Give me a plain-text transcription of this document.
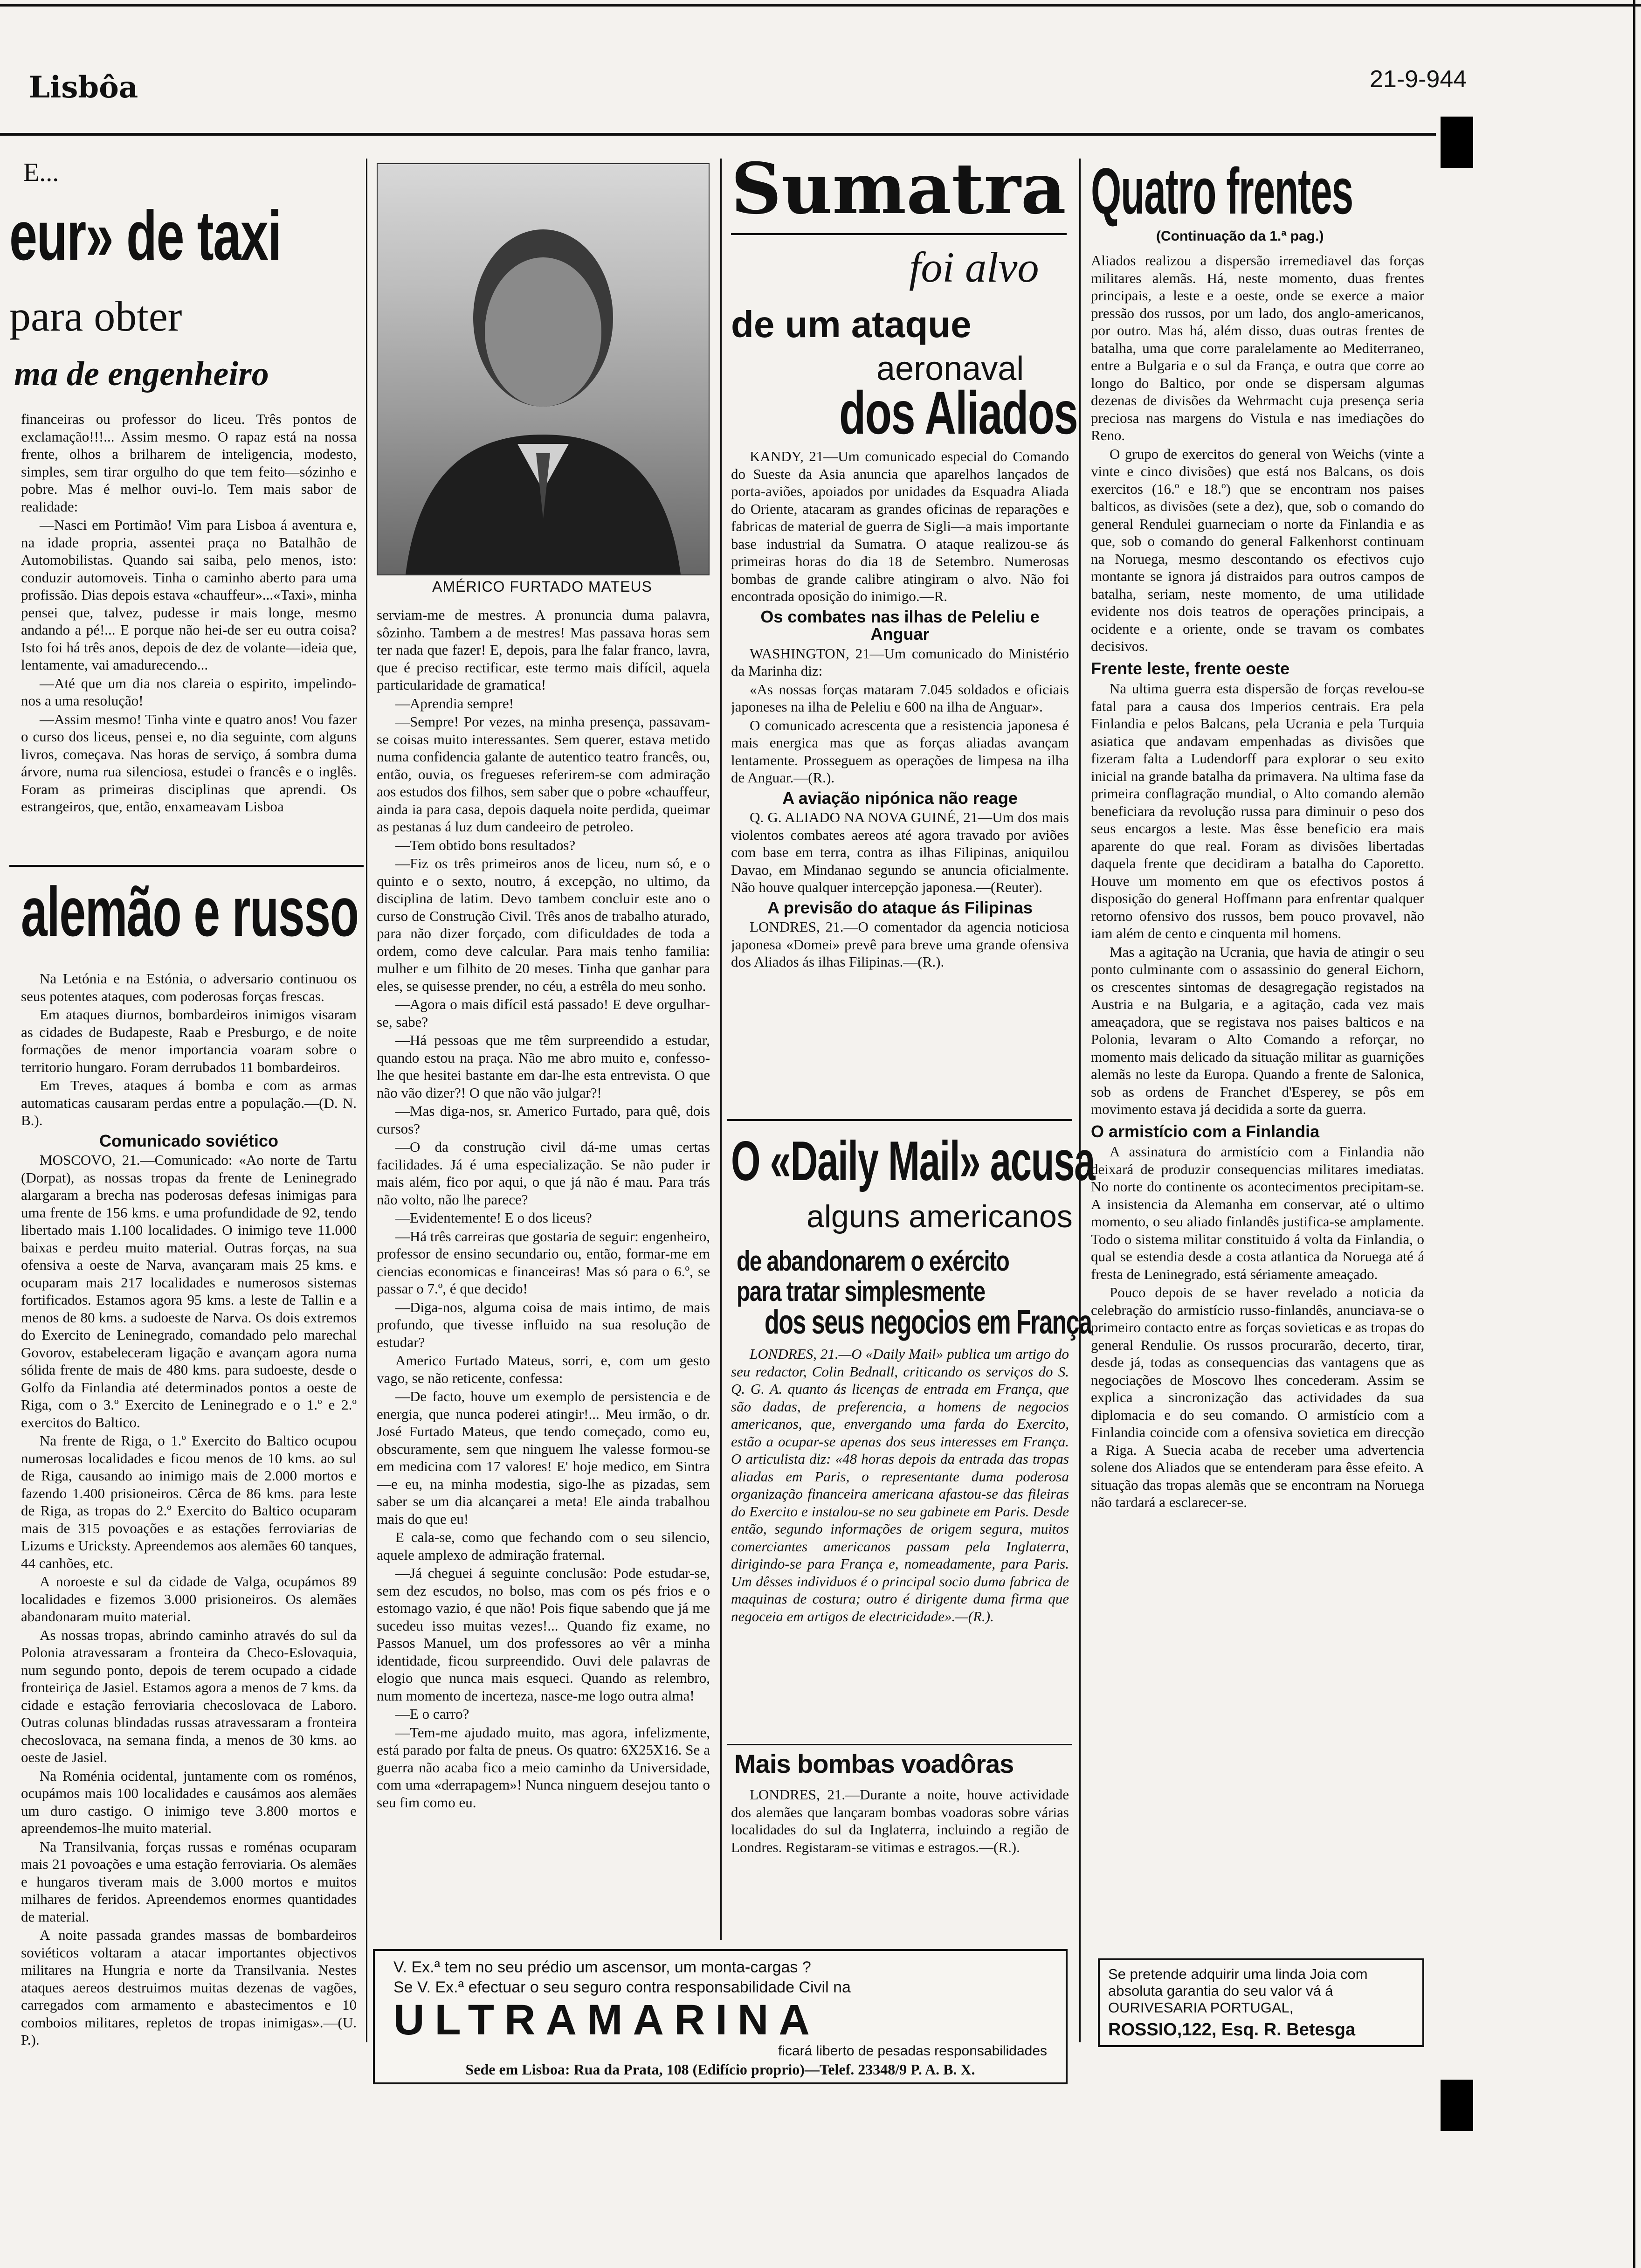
Lisbôa	21-9-944
E...
eur» de taxi
para obter
ma de engenheiro

financeiras ou professor do liceu. Três pontos de exclamação!!!... Assim mesmo. O rapaz está na nossa frente, olhos a brilharem de inteligencia, modesto, simples, sem tirar orgulho do que tem feito—sózinho e pobre. Mas é melhor ouvi-lo. Tem mais sabor de realidade:

—Nasci em Portimão! Vim para Lisboa á aventura e, na idade propria, assentei praça no Batalhão de Automobilistas. Quando sai saiba, pelo menos, isto: conduzir automoveis. Tinha o caminho aberto para uma profissão. Dias depois estava «chauffeur»...«Taxi», minha pensei que, talvez, pudesse ir mais longe, mesmo andando a pé!... E porque não hei-de ser eu outra coisa? Isto foi há três anos, depois de dez de volante—ideia que, lentamente, vai amadurecendo...

—Até que um dia nos clareia o espirito, impelindo-nos a uma resolução!

—Assim mesmo! Tinha vinte e quatro anos! Vou fazer o curso dos liceus, pensei e, no dia seguinte, com alguns livros, começava. Nas horas de serviço, á sombra duma árvore, numa rua silenciosa, estudei o francês e o inglês. Foram as primeiras disciplinas que aprendi. Os estrangeiros, que, então, enxameavam Lisboa

alemão e russo

Na Letónia e na Estónia, o adversario continuou os seus potentes ataques, com poderosas forças frescas.

Em ataques diurnos, bombardeiros inimigos visaram as cidades de Budapeste, Raab e Presburgo, e de noite formações de menor importancia voaram sobre o territorio hungaro. Foram derrubados 11 bombardeiros.

Em Treves, ataques á bomba e com as armas automaticas causaram perdas entre a população.—(D. N. B.).

Comunicado soviético

MOSCOVO, 21.—Comunicado: «Ao norte de Tartu (Dorpat), as nossas tropas da frente de Leninegrado alargaram a brecha nas poderosas defesas inimigas para uma frente de 156 kms. e uma profundidade de 92, tendo libertado mais 1.100 localidades. O inimigo teve 11.000 baixas e perdeu muito material. Outras forças, na sua ofensiva a oeste de Narva, avançaram mais 25 kms. e ocuparam mais 217 localidades e numerosos sistemas fortificados. Estamos agora 95 kms. a leste de Tallin e a menos de 80 kms. a sudoeste de Narva. Os dois extremos do Exercito de Leninegrado, comandado pelo marechal Govorov, estabeleceram ligação e avançam agora numa sólida frente de mais de 480 kms. para sudoeste, desde o Golfo da Finlandia até determinados pontos a oeste de Riga, com o 3.º Exercito de Leninegrado e o 1.º e 2.º exercitos do Baltico.

Na frente de Riga, o 1.º Exercito do Baltico ocupou numerosas localidades e ficou menos de 10 kms. ao sul de Riga, causando ao inimigo mais de 2.000 mortos e fazendo 1.400 prisioneiros. Cêrca de 86 kms. para leste de Riga, as tropas do 2.º Exercito do Baltico ocuparam mais de 315 povoações e as estações ferroviarias de Lizums e Uricksty. Apreendemos aos alemães 60 tanques, 44 canhões, etc.

A noroeste e sul da cidade de Valga, ocupámos 89 localidades e fizemos 3.000 prisioneiros. Os alemães abandonaram muito material.

As nossas tropas, abrindo caminho através do sul da Polonia atravessaram a fronteira da Checo-Eslovaquia, num segundo ponto, depois de terem ocupado a cidade fronteiriça de Jasiel. Estamos agora a menos de 7 kms. da cidade e estação ferroviaria checoslovaca de Laboro. Outras colunas blindadas russas atravessaram a fronteira checoslovaca, na semana finda, a menos de 30 kms. ao oeste de Jasiel.

Na Roménia ocidental, juntamente com os roménos, ocupámos mais 100 localidades e causámos aos alemães um duro castigo. O inimigo teve 3.800 mortos e apreendemos-lhe muito material.

Na Transilvania, forças russas e roménas ocuparam mais 21 povoações e uma estação ferroviaria. Os alemães e hungaros tiveram mais de 3.000 mortos e muitos milhares de feridos. Apreendemos enormes quantidades de material.

A noite passada grandes massas de bombardeiros soviéticos voltaram a atacar importantes objectivos militares na Hungria e norte da Transilvania. Nestes ataques aereos destruimos muitas dezenas de vagões, carregados com armamento e abastecimentos e 10 comboios militares, repletos de tropas inimigas».—(U. P.).

AMÉRICO FURTADO MATEUS

serviam-me de mestres. A pronuncia duma palavra, sôzinho. Tambem a de mestres! Mas passava horas sem ter nada que fazer! E, depois, para lhe falar franco, lavra, que é preciso rectificar, este termo mais difícil, aquela particularidade de gramatica!

—Aprendia sempre!

—Sempre! Por vezes, na minha presença, passavam-se coisas muito interessantes. Sem querer, estava metido numa confidencia galante de autentico teatro francês, ou, então, ouvia, os fregueses referirem-se com admiração aos estudos dos filhos, sem saber que o pobre «chauffeur, ainda ia para casa, depois daquela noite perdida, queimar as pestanas á luz dum candeeiro de petroleo.

—Tem obtido bons resultados?

—Fiz os três primeiros anos de liceu, num só, e o quinto e o sexto, noutro, á excepção, no ultimo, da disciplina de latim. Devo tambem concluir este ano o curso de Construção Civil. Três anos de trabalho aturado, para não dizer forçado, com dificuldades de toda a ordem, como deve calcular. Para mais tenho familia: mulher e um filhito de 20 meses. Tinha que ganhar para eles, se quisesse prender, no céu, a estrêla do meu sonho.

—Agora o mais difícil está passado! E deve orgulhar-se, sabe?

—Há pessoas que me têm surpreendido a estudar, quando estou na praça. Não me abro muito e, confesso-lhe que hesitei bastante em dar-lhe esta entrevista. O que não vão dizer?! O que não vão julgar?!

—Mas diga-nos, sr. Americo Furtado, para quê, dois cursos?

—O da construção civil dá-me umas certas facilidades. Já é uma especialização. Se não puder ir mais além, fico por aqui, o que já não é mau. Para trás não volto, não lhe parece?

—Evidentemente! E o dos liceus?

—Há três carreiras que gostaria de seguir: engenheiro, professor de ensino secundario ou, então, formar-me em ciencias economicas e financeiras! Mas só para o 6.º, se passar o 7.º, é que decido!

—Diga-nos, alguma coisa de mais intimo, de mais profundo, que tivesse influido na sua resolução de estudar?

Americo Furtado Mateus, sorri, e, com um gesto vago, se não reticente, confessa:

—De facto, houve um exemplo de persistencia e de energia, que nunca poderei atingir!... Meu irmão, o dr. José Furtado Mateus, que tendo começado, como eu, obscuramente, sem que ninguem lhe valesse formou-se em medicina com 17 valores! E' hoje medico, em Sintra—e eu, na minha modestia, sigo-lhe as pizadas, sem saber se um dia alcançarei a meta! Ele ainda trabalhou mais do que eu!

E cala-se, como que fechando com o seu silencio, aquele amplexo de admiração fraternal.

—Já cheguei á seguinte conclusão: Pode estudar-se, sem dez escudos, no bolso, mas com os pés frios e o estomago vazio, é que não! Pois fique sabendo que já me sucedeu isso muitas vezes!... Quando fiz exame, no Passos Manuel, um dos professores ao vêr a minha identidade, ficou surpreendido. Ouvi dele palavras de elogio que nunca mais esqueci. Quando as relembro, num momento de incerteza, nasce-me logo outra alma!

—E o carro?

—Tem-me ajudado muito, mas agora, infelizmente, está parado por falta de pneus. Os quatro: 6X25X16. Se a guerra não acaba fico a meio caminho da Universidade, com uma «derrapagem»! Nunca ninguem desejou tanto o seu fim como eu.

Sumatra
foi alvo
de um ataque
aeronaval
dos Aliados

KANDY, 21—Um comunicado especial do Comando do Sueste da Asia anuncia que aparelhos lançados de porta-aviões, apoiados por unidades da Esquadra Aliada do Oriente, atacaram as grandes oficinas de reparações e fabricas de material de guerra de Sigli—a mais importante base industrial da Sumatra. O ataque realizou-se ás primeiras horas do dia 18 de Setembro. Numerosas bombas de grande calibre atingiram o alvo. Não foi encontrada oposição do inimigo.—R.

Os combates nas ilhas de Peleliu e Anguar

WASHINGTON, 21—Um comunicado do Ministério da Marinha diz:

«As nossas forças mataram 7.045 soldados e oficiais japoneses na ilha de Peleliu e 600 na ilha de Anguar».

O comunicado acrescenta que a resistencia japonesa é mais energica mas que as forças aliadas avançam lentamente. Prosseguem as operações de limpesa na ilha de Anguar.—(R.).

A aviação nipónica não reage

Q. G. ALIADO NA NOVA GUINÉ, 21—Um dos mais violentos combates aereos até agora travado por aviões com base em terra, contra as ilhas Filipinas, aniquilou Davao, em Mindanao segundo se anuncia oficialmente. Não houve qualquer intercepção japonesa.—(Reuter).

A previsão do ataque ás Filipinas

LONDRES, 21.—O comentador da agencia noticiosa japonesa «Domei» prevê para breve uma grande ofensiva dos Aliados ás ilhas Filipinas.—(R.).

O «Daily Mail» acusa
alguns americanos
de abandonarem o exército
para tratar simplesmente
dos seus negocios em França

LONDRES, 21.—O «Daily Mail» publica um artigo do seu redactor, Colin Bednall, criticando os serviços do S. Q. G. A. quanto ás licenças de entrada em França, que são dadas, de preferencia, a homens de negocios americanos, que, envergando uma farda do Exercito, estão a ocupar-se apenas dos seus interesses em França. O articulista diz: «48 horas depois da entrada das tropas aliadas em Paris, o representante duma poderosa organização financeira americana afastou-se das fileiras do Exercito e instalou-se no seu gabinete em Paris. Desde então, segundo informações de origem segura, muitos comerciantes americanos passam pela Inglaterra, dirigindo-se para França e, nomeadamente, para Paris. Um dêsses individuos é o principal socio duma fabrica de maquinas de costura; outro é dirigente duma firma que negoceia em artigos de electricidade».—(R.).

Mais bombas voadôras

LONDRES, 21.—Durante a noite, houve actividade dos alemães que lançaram bombas voadoras sobre várias localidades do sul da Inglaterra, incluindo a região de Londres. Registaram-se vitimas e estragos.—(R.).

Quatro frentes
(Continuação da 1.ª pag.)

Aliados realizou a dispersão irremediavel das forças militares alemãs. Há, neste momento, duas frentes principais, a leste e a oeste, onde se exerce a maior pressão dos russos, por um lado, dos anglo-americanos, por outro. Mas há, além disso, duas outras frentes de batalha, uma que corre paralelamente ao Mediterraneo, entre a Bulgaria e o sul da França, e outra que corre ao longo do Baltico, por onde se dispersam algumas dezenas de divisões da Wehrmacht cuja presença seria preciosa nas margens do Vistula e nas imediações do Reno.

O grupo de exercitos do general von Weichs (vinte a vinte e cinco divisões) que está nos Balcans, os dois exercitos (16.º e 18.º) que se encontram nos paises balticos, as divisões (sete a dez), que, sob o comando do general Rendulei guarneciam o norte da Finlandia e as que, sob o comando do general Falkenhorst continuam na Noruega, mesmo descontando os efectivos cujo montante se ignora já distraidos para outros campos de batalha, seriam, neste momento, de uma utilidade evidente nos dois teatros de operações principais, a ocidente e a oriente, onde se travam os combates decisivos.

Frente leste, frente oeste

Na ultima guerra esta dispersão de forças revelou-se fatal para a causa dos Imperios centrais. Era pela Finlandia e pelos Balcans, pela Ucrania e pela Turquia asiatica que andavam empenhadas as divisões que fizeram falta a Ludendorff para explorar o seu exito inicial na grande batalha da primavera. Na ultima fase da primeira conflagração mundial, o Alto comando alemão beneficiara da revolução russa para diminuir o peso dos seus encargos a leste. Mas êsse beneficio era mais aparente do que real. Foram as divisões libertadas daquela frente que decidiram a batalha do Caporetto. Houve um momento em que os efectivos postos á disposição do general Hoffmann para enfrentar qualquer retorno ofensivo dos russos, bem pouco provavel, não iam além de cento e cinquenta mil homens.

Mas a agitação na Ucrania, que havia de atingir o seu ponto culminante com o assassinio do general Eichorn, os crescentes sintomas de desagregação registados na Austria e na Bulgaria, e a agitação, cada vez mais ameaçadora, que se registava nos paises balticos e na Polonia, levaram o Alto Comando a reforçar, no momento mais delicado da situação militar as guarnições alemãs no leste da Europa. Quando a frente de Salonica, sob as ordens de Franchet d'Esperey, se pôs em movimento estava já decidida a sorte da guerra.

O armistício com a Finlandia

A assinatura do armistício com a Finlandia não deixará de produzir consequencias militares imediatas. No norte do continente os acontecimentos precipitam-se. A insistencia da Alemanha em conservar, até o ultimo momento, o seu aliado finlandês justifica-se amplamente. Todo o sistema militar constituido á volta da Finlandia, o qual se estendia desde a costa atlantica da Noruega até á fresta de Leninegrado, está sériamente ameaçado.

Pouco depois de se haver revelado a noticia da celebração do armistício russo-finlandês, anunciava-se o primeiro contacto entre as forças sovieticas e as tropas do general Rendulie. Os russos procurarão, decerto, tirar, desde já, todas as consequencias das vantagens que as negociações de Moscovo lhes concederam. Assim se explica a sincronização das actividades da sua diplomacia e do seu comando. O armistício com a Finlandia coincide com a ofensiva sovietica em direcção a Riga. A Suecia acaba de receber uma advertencia solene dos Aliados que se entenderam para êsse efeito. A situação das tropas alemãs que se encontram na Noruega não tardará a esclarecer-se.

Se pretende adquirir uma linda Joia com absoluta garantia do seu valor vá á OURIVESARIA PORTUGAL,
ROSSIO,122, Esq. R. Betesga
V. Ex.ª tem no seu prédio um ascensor, um monta-cargas ?
Se V. Ex.ª efectuar o seu seguro contra responsabilidade Civil na
ULTRAMARINA
ficará liberto de pesadas responsabilidades
Sede em Lisboa: Rua da Prata, 108 (Edifício proprio)—Telef. 23348/9 P. A. B. X.
